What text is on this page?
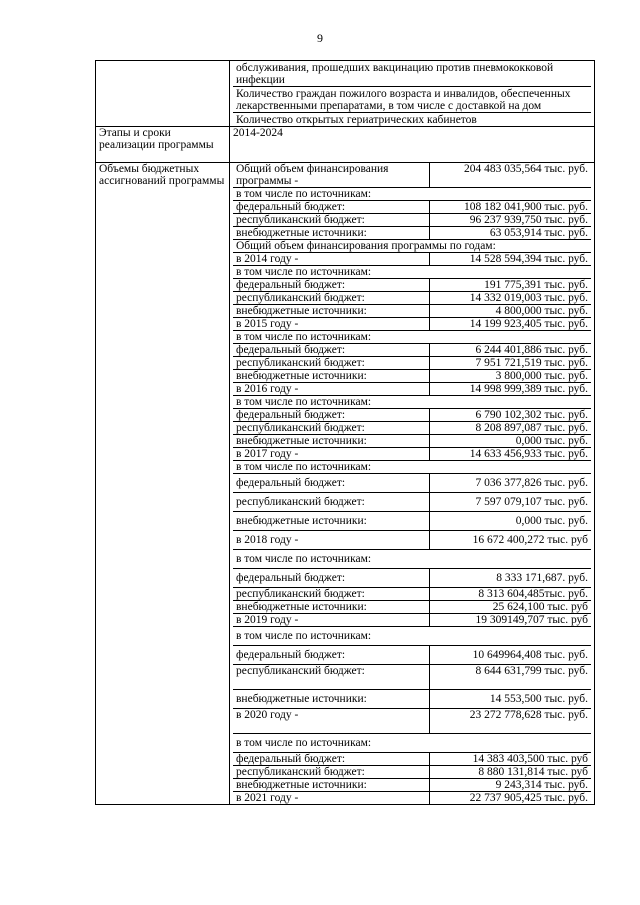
9

обслуживания, прошедших вакцинацию против пневмококковой инфекции
Количество граждан пожилого возраста и инвалидов, обеспеченных лекарственными препаратами, в том числе с доставкой на дом
Количество открытых гериатрических кабинетов

Этапы и сроки реализации программы	2014-2024
Объемы бюджетных ассигнований программы	
Общий объем финансирования программы -	204 483 035,564 тыс. руб.
в том числе по источникам:
федеральный бюджет:	108 182 041,900 тыс. руб.
республиканский бюджет:	96 237 939,750 тыс. руб.
внебюджетные источники:	63 053,914 тыс. руб.
Общий объем финансирования программы по годам:
в 2014 году -	14 528 594,394 тыс. руб.
в том числе по источникам:
федеральный бюджет:	191 775,391 тыс. руб.
республиканский бюджет:	14 332 019,003 тыс. руб.
внебюджетные источники:	4 800,000 тыс. руб.
в 2015 году -	14 199 923,405 тыс. руб.
в том числе по источникам:
федеральный бюджет:	6 244 401,886 тыс. руб.
республиканский бюджет:	7 951 721,519 тыс. руб.
внебюджетные источники:	3 800,000 тыс. руб.
в 2016 году -	14 998 999,389 тыс. руб.
в том числе по источникам:
федеральный бюджет:	6 790 102,302 тыс. руб.
республиканский бюджет:	8 208 897,087 тыс. руб.
внебюджетные источники:	0,000 тыс. руб.
в 2017 году -	14 633 456,933 тыс. руб.
в том числе по источникам:
федеральный бюджет:	7 036 377,826 тыс. руб.
республиканский бюджет:	7 597 079,107 тыс. руб.
внебюджетные источники:	0,000 тыс. руб.
в 2018 году -	16 672 400,272 тыс. руб
в том числе по источникам:
федеральный бюджет:	8 333 171,687. руб.
республиканский бюджет:	8 313 604,485тыс. руб.
внебюджетные источники:	25 624,100 тыс. руб
в 2019 году -	19 309149,707 тыс. руб
в том числе по источникам:
федеральный бюджет:	10 649964,408 тыс. руб.
республиканский бюджет:	8 644 631,799 тыс. руб.
внебюджетные источники:	14 553,500 тыс. руб.
в 2020 году -	23 272 778,628 тыс. руб.
в том числе по источникам:
федеральный бюджет:	14 383 403,500 тыс. руб
республиканский бюджет:	8 880 131,814 тыс. руб
внебюджетные источники:	9 243,314 тыс. руб.
в 2021 году -	22 737 905,425 тыс. руб.
